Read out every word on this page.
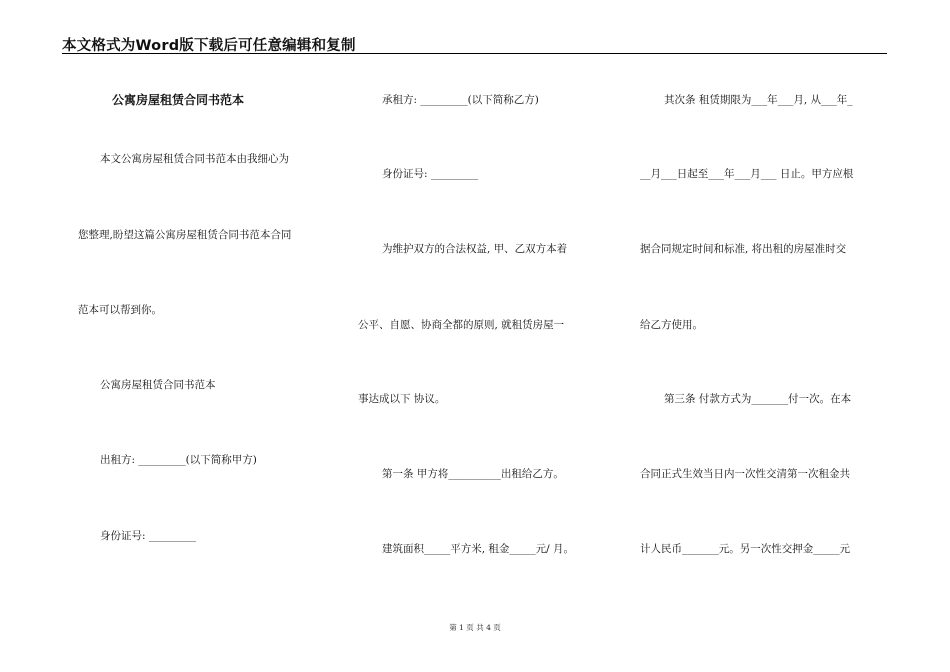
本文格式为Word版下载后可任意编辑和复制
公寓房屋租赁合同书范本
本文公寓房屋租赁合同书范本由我细心为
您整理,盼望这篇公寓房屋租赁合同书范本合同
范本可以帮到你。
公寓房屋租赁合同书范本
出租方: _________(以下简称甲方)
身份证号: _________
承租方: _________(以下简称乙方)
身份证号: _________
为维护双方的合法权益, 甲、乙双方本着
公平、自愿、协商全都的原则, 就租赁房屋一
事达成以下 协议。
第一条 甲方将__________出租给乙方。
建筑面积_____平方米, 租金_____元/ 月。
其次条 租赁期限为___年___月, 从___年_
__月___日起至___年___月___ 日止。甲方应根
据合同规定时间和标准, 将出租的房屋准时交
给乙方使用。
第三条 付款方式为_______付一次。在本
合同正式生效当日内一次性交清第一次租金共
计人民币_______元。另一次性交押金_____元
第 1 页 共 4 页
